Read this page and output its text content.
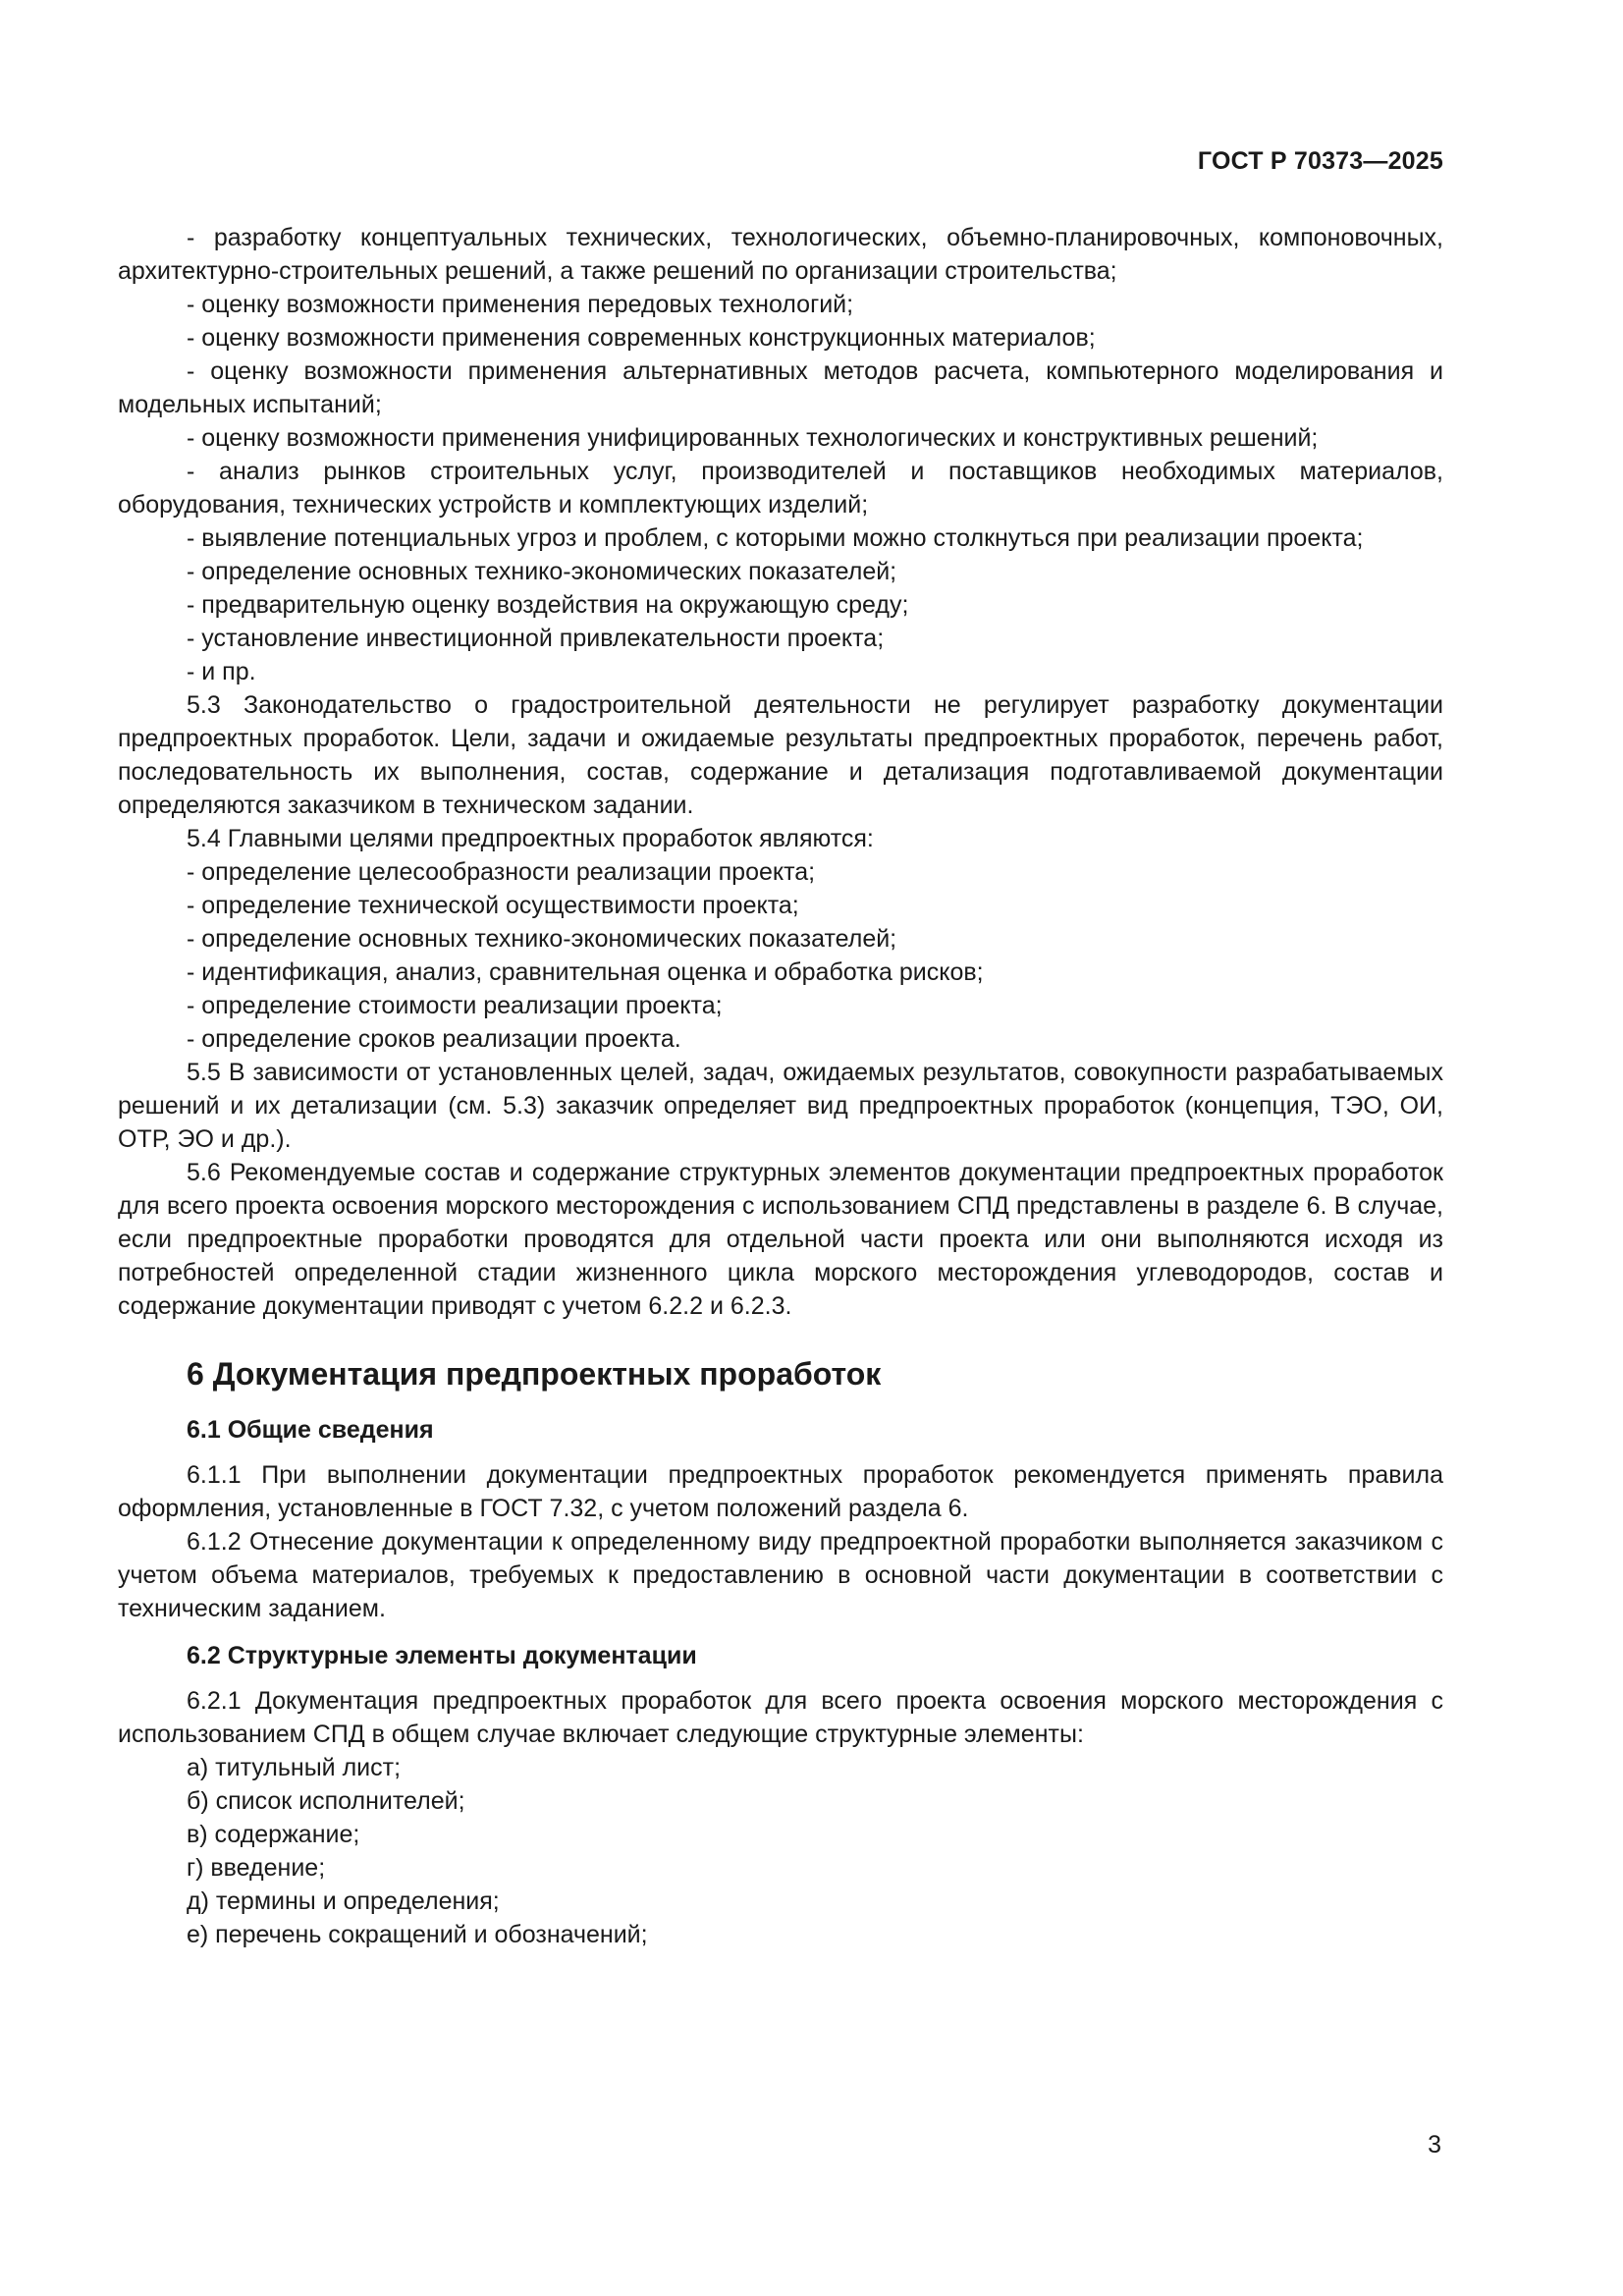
ГОСТ Р 70373—2025

- разработку концептуальных технических, технологических, объемно-планировочных, компоновочных, архитектурно-строительных решений, а также решений по организации строительства;

- оценку возможности применения передовых технологий;

- оценку возможности применения современных конструкционных материалов;

- оценку возможности применения альтернативных методов расчета, компьютерного моделирования и модельных испытаний;

- оценку возможности применения унифицированных технологических и конструктивных решений;

- анализ рынков строительных услуг, производителей и поставщиков необходимых материалов, оборудования, технических устройств и комплектующих изделий;

- выявление потенциальных угроз и проблем, с которыми можно столкнуться при реализации проекта;

- определение основных технико-экономических показателей;

- предварительную оценку воздействия на окружающую среду;

- установление инвестиционной привлекательности проекта;

- и пр.

5.3 Законодательство о градостроительной деятельности не регулирует разработку документации предпроектных проработок. Цели, задачи и ожидаемые результаты предпроектных проработок, перечень работ, последовательность их выполнения, состав, содержание и детализация подготавливаемой документации определяются заказчиком в техническом задании.

5.4 Главными целями предпроектных проработок являются:

- определение целесообразности реализации проекта;

- определение технической осуществимости проекта;

- определение основных технико-экономических показателей;

- идентификация, анализ, сравнительная оценка и обработка рисков;

- определение стоимости реализации проекта;

- определение сроков реализации проекта.

5.5 В зависимости от установленных целей, задач, ожидаемых результатов, совокупности разрабатываемых решений и их детализации (см. 5.3) заказчик определяет вид предпроектных проработок (концепция, ТЭО, ОИ, ОТР, ЭО и др.).

5.6 Рекомендуемые состав и содержание структурных элементов документации предпроектных проработок для всего проекта освоения морского месторождения с использованием СПД представлены в разделе 6. В случае, если предпроектные проработки проводятся для отдельной части проекта или они выполняются исходя из потребностей определенной стадии жизненного цикла морского месторождения углеводородов, состав и содержание документации приводят с учетом 6.2.2 и 6.2.3.

6 Документация предпроектных проработок
6.1 Общие сведения

6.1.1 При выполнении документации предпроектных проработок рекомендуется применять правила оформления, установленные в ГОСТ 7.32, с учетом положений раздела 6.

6.1.2 Отнесение документации к определенному виду предпроектной проработки выполняется заказчиком с учетом объема материалов, требуемых к предоставлению в основной части документации в соответствии с техническим заданием.

6.2 Структурные элементы документации

6.2.1 Документация предпроектных проработок для всего проекта освоения морского месторождения с использованием СПД в общем случае включает следующие структурные элементы:

а) титульный лист;

б) список исполнителей;

в) содержание;

г) введение;

д) термины и определения;

е) перечень сокращений и обозначений;

3
